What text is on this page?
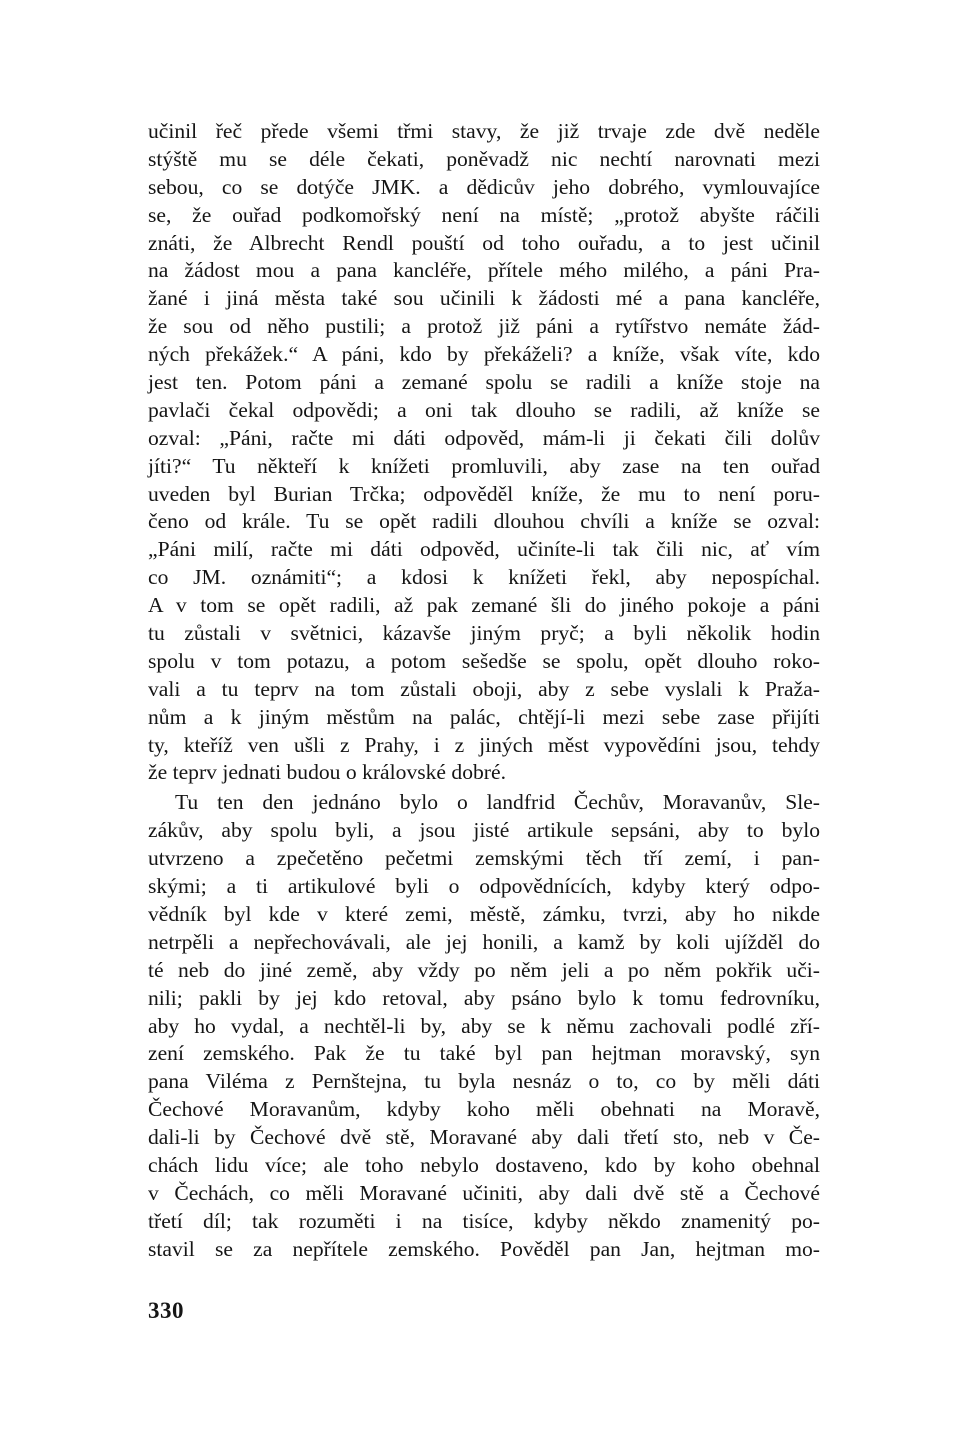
učinil řeč přede všemi třmi stavy, že již trvaje zde dvě neděle
stýště mu se déle čekati, poněvadž nic nechtí narovnati mezi
sebou, co se dotýče JMK. a dědicův jeho dobrého, vymlouvajíce
se, že ouřad podkomořský není na místě; „protož abyšte ráčili
znáti, že Albrecht Rendl pouští od toho ouřadu, a to jest učinil
na žádost mou a pana kancléře, přítele mého milého, a páni Pra-
žané i jiná města také sou učinili k žádosti mé a pana kancléře,
že sou od něho pustili; a protož již páni a rytířstvo nemáte žád-
ných překážek.“ A páni, kdo by překáželi? a kníže, však víte, kdo
jest ten. Potom páni a zemané spolu se radili a kníže stoje na
pavlači čekal odpovědi; a oni tak dlouho se radili, až kníže se
ozval: „Páni, račte mi dáti odpověd, mám-li ji čekati čili dolův
jíti?“ Tu někteří k knížeti promluvili, aby zase na ten ouřad
uveden byl Burian Trčka; odpověděl kníže, že mu to není poru-
čeno od krále. Tu se opět radili dlouhou chvíli a kníže se ozval:
„Páni milí, račte mi dáti odpověd, učiníte-li tak čili nic, ať vím
co JM. oznámiti“; a kdosi k knížeti řekl, aby nepospíchal.
A v tom se opět radili, až pak zemané šli do jiného pokoje a páni
tu zůstali v světnici, kázavše jiným pryč; a byli několik hodin
spolu v tom potazu, a potom sešedše se spolu, opět dlouho roko-
vali a tu teprv na tom zůstali oboji, aby z sebe vyslali k Praža-
nům a k jiným městům na palác, chtějí-li mezi sebe zase přijíti
ty, kteříž ven ušli z Prahy, i z jiných měst vypovědíni jsou, tehdy
že teprv jednati budou o královské dobré.
Tu ten den jednáno bylo o landfrid Čechův, Moravanův, Sle-
zákův, aby spolu byli, a jsou jisté artikule sepsáni, aby to bylo
utvrzeno a zpečetěno pečetmi zemskými těch tří zemí, i pan-
skými; a ti artikulové byli o odpovědnících, kdyby který odpo-
vědník byl kde v které zemi, městě, zámku, tvrzi, aby ho nikde
netrpěli a nepřechovávali, ale jej honili, a kamž by koli ujížděl do
té neb do jiné země, aby vždy po něm jeli a po něm pokřik uči-
nili; pakli by jej kdo retoval, aby psáno bylo k tomu fedrovníku,
aby ho vydal, a nechtěl-li by, aby se k němu zachovali podlé zří-
zení zemského. Pak že tu také byl pan hejtman moravský, syn
pana Viléma z Pernštejna, tu byla nesnáz o to, co by měli dáti
Čechové Moravanům, kdyby koho měli obehnati na Moravě,
dali-li by Čechové dvě stě, Moravané aby dali třetí sto, neb v Če-
chách lidu více; ale toho nebylo dostaveno, kdo by koho obehnal
v Čechách, co měli Moravané učiniti, aby dali dvě stě a Čechové
třetí díl; tak rozuměti i na tisíce, kdyby někdo znamenitý po-
stavil se za nepřítele zemského. Pověděl pan Jan, hejtman mo-
330
